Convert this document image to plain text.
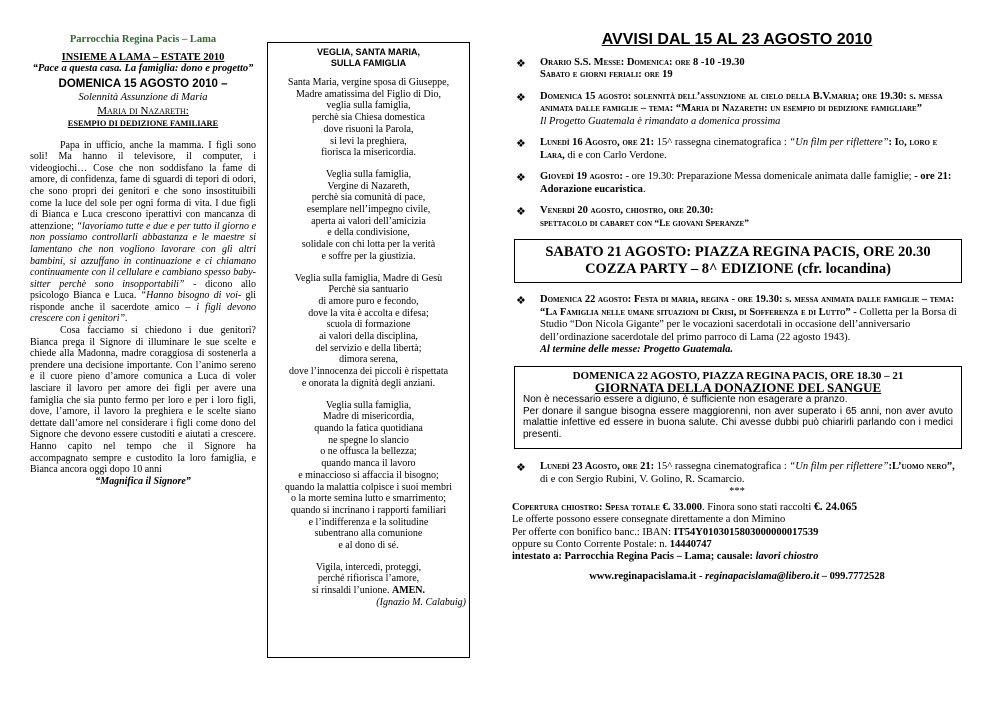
Parrocchia Regina Pacis – Lama
INSIEME A LAMA – ESTATE 2010
“Pace a questa casa. La famiglia: dono e progetto”
DOMENICA 15 AGOSTO 2010 –
Solennità Assunzione di Maria
Maria di Nazareth:
ESEMPIO DI DEDIZIONE FAMILIARE

Papa in ufficio, anche la mamma. I figli sono soli! Ma hanno il televisore, il computer, i videogiochi… Cose che non soddisfano la fame di amore, di confidenza, fame di sguardi di tepori di odori, che sono propri dei genitori e che sono insostituibili come la luce del sole per ogni forma di vita. I due figli di Bianca e Luca crescono iperattivi con mancanza di attenzione; “lavoriamo tutte e due e per tutto il giorno e non possiamo controllarli abbastanza e le maestre si lamentano che non vogliono lavorare con gli altri bambini, si azzuffano in continuazione e ci chiamano continuamente con il cellulare e cambiano spesso baby-sitter perchè sono insopportabili” - dicono allo psicologo Bianca e Luca. “Hanno bisogno di voi- gli risponde anche il sacerdote amico – i figli devono crescere con i genitori”.

Cosa facciamo si chiedono i due genitori? Bianca prega il Signore di illuminare le sue scelte e chiede alla Madonna, madre coraggiosa di sostenerla a prendere una decisione importante. Con l’animo sereno e il cuore pieno d’amore comunica a Luca di voler lasciare il lavoro per amore dei figli per avere una famiglia che sia punto fermo per loro e per i loro figli, dove, l’amore, il lavoro la preghiera e le scelte siano dettate dall’amore nel considerare i figli come dono del Signore che devono essere custoditi e aiutati a crescere. Hanno capito nel tempo che il Signore ha accompagnato sempre e custodito la loro famiglia, e Bianca ancora oggi dopo 10 anni

“Magnifica il Signore”
VEGLIA, SANTA MARIA,
SULLA FAMIGLIA
Santa Maria, vergine sposa di Giuseppe,
Madre amatissima del Figlio di Dio,
veglia sulla famiglia,
perchè sia Chiesa domestica
dove risuoni la Parola,
si levi la preghiera,
fiorisca la misericordia.
Veglia sulla famiglia,
Vergine di Nazareth,
perchè sia comunità di pace,
esemplare nell’impegno civile,
aperta ai valori dell’amicizia
e della condivisione,
solidale con chi lotta per la verità
e soffre per la giustizia.
Veglia sulla famiglia, Madre di Gesù
Perchè sia santuario
di amore puro e fecondo,
dove la vita è accolta e difesa;
scuola di formazione
ai valori della disciplina,
del servizio e della libertà;
dimora serena,
dove l’innocenza dei piccoli è rispettata
e onorata la dignità degli anziani.
Veglia sulla famiglia,
Madre di misericordia,
quando la fatica quotidiana
ne spegne lo slancio
o ne offusca la bellezza;
quando manca il lavoro
e minaccioso si affaccia il bisogno;
quando la malattia colpisce i suoi membri
o la morte semina lutto e smarrimento;
quando si incrinano i rapporti familiari
e l’indifferenza e la solitudine
subentrano alla comunione
e al dono di sé.
Vigila, intercedi, proteggi,
perché rifiorisca l’amore,
si rinsaldi l’unione. AMEN.
(Ignazio M. Calabuig)
AVVISI DAL 15 AL 23 AGOSTO 2010
❖ Orario S.S. Messe: Domenica: ore 8 -10 -19.30
Sabato e giorni feriali: ore 19
❖ Domenica 15 agosto: solennità dell’assunzione al cielo della B.V.maria; ore 19.30: s. messa animata dalle famiglie – tema: “Maria di Nazareth: un esempio di dedizione famigliare”
Il Progetto Guatemala è rimandato a domenica prossima
❖ Lunedì 16 Agosto, ore 21: 15^ rassegna cinematografica : “Un film per riflettere”: Io, loro e Lara, di e con Carlo Verdone.
❖ Giovedì 19 agosto: - ore 19.30: Preparazione Messa domenicale animata dalle famiglie; - ore 21: Adorazione eucaristica.
❖ Venerdì 20 agosto, chiostro, ore 20.30:
spettacolo di cabaret con “Le giovani Speranze”
SABATO 21 AGOSTO: PIAZZA REGINA PACIS, ORE 20.30
COZZA PARTY – 8^ EDIZIONE (cfr. locandina)
❖ Domenica 22 agosto: Festa di maria, regina - ore 19.30: s. messa animata dalle famiglie – tema: “La Famiglia nelle umane situazioni di Crisi, di Sofferenza e di Lutto” - Colletta per la Borsa di Studio “Don Nicola Gigante” per le vocazioni sacerdotali in occasione dell’anniversario dell’ordinazione sacerdotale del primo parroco di Lama (22 agosto 1943).
Al termine delle messe: Progetto Guatemala.
DOMENICA 22 AGOSTO, PIAZZA REGINA PACIS, ORE 18.30 – 21
GIORNATA DELLA DONAZIONE DEL SANGUE
Non è necessario essere a digiuno, è sufficiente non esagerare a pranzo.
Per donare il sangue bisogna essere maggiorenni, non aver superato i 65 anni, non aver avuto malattie infettive ed essere in buona salute. Chi avesse dubbi può chiarirli parlando con i medici presenti.
❖ Lunedì 23 Agosto, ore 21: 15^ rassegna cinematografica : “Un film per riflettere”:L’uomo nero”, di e con Sergio Rubini, V. Golino, R. Scamarcio.
***
Copertura chiostro: Spesa totale €. 33.000. Finora sono stati raccolti €. 24.065
Le offerte possono essere consegnate direttamente a don Mimino
Per offerte con bonifico banc.: IBAN: IT54Y0103015803000000017539
oppure su Conto Corrente Postale: n. 14440747
intestato a: Parrocchia Regina Pacis – Lama; causale: lavori chiostro
www.reginapacislama.it - reginapacislama@libero.it – 099.7772528
